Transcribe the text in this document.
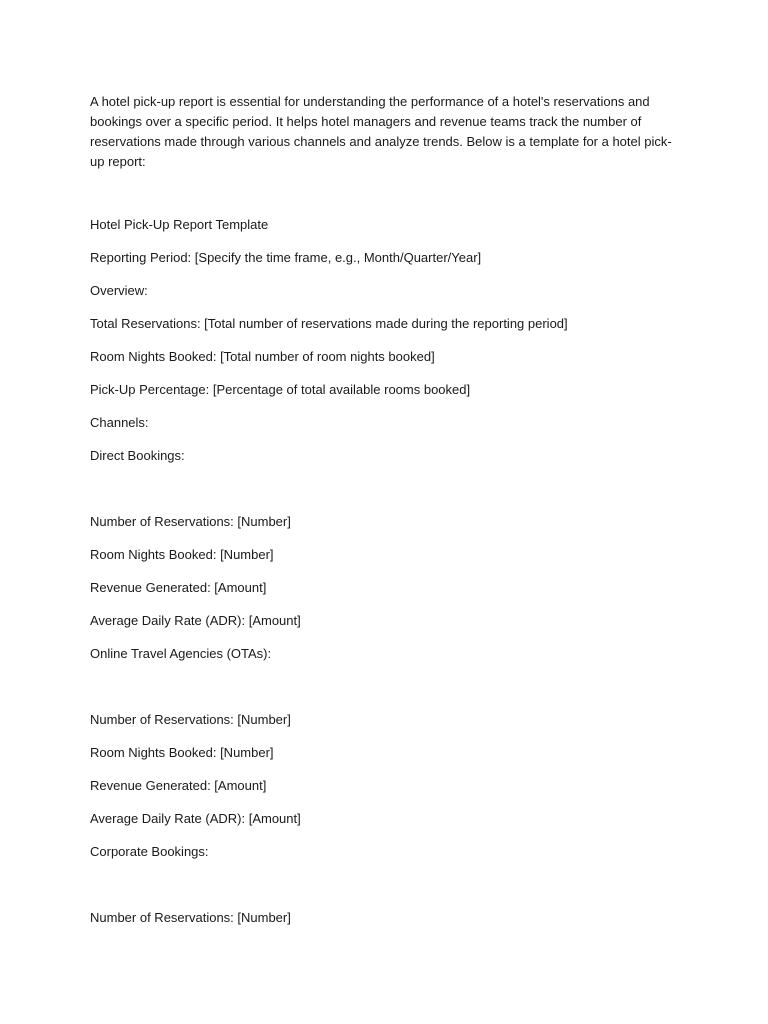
A hotel pick-up report is essential for understanding the performance of a hotel's reservations and bookings over a specific period. It helps hotel managers and revenue teams track the number of reservations made through various channels and analyze trends. Below is a template for a hotel pick-up report:

Hotel Pick-Up Report Template

Reporting Period: [Specify the time frame, e.g., Month/Quarter/Year]

Overview:

Total Reservations: [Total number of reservations made during the reporting period]

Room Nights Booked: [Total number of room nights booked]

Pick-Up Percentage: [Percentage of total available rooms booked]

Channels:

Direct Bookings:

Number of Reservations: [Number]

Room Nights Booked: [Number]

Revenue Generated: [Amount]

Average Daily Rate (ADR): [Amount]

Online Travel Agencies (OTAs):

Number of Reservations: [Number]

Room Nights Booked: [Number]

Revenue Generated: [Amount]

Average Daily Rate (ADR): [Amount]

Corporate Bookings:

Number of Reservations: [Number]
